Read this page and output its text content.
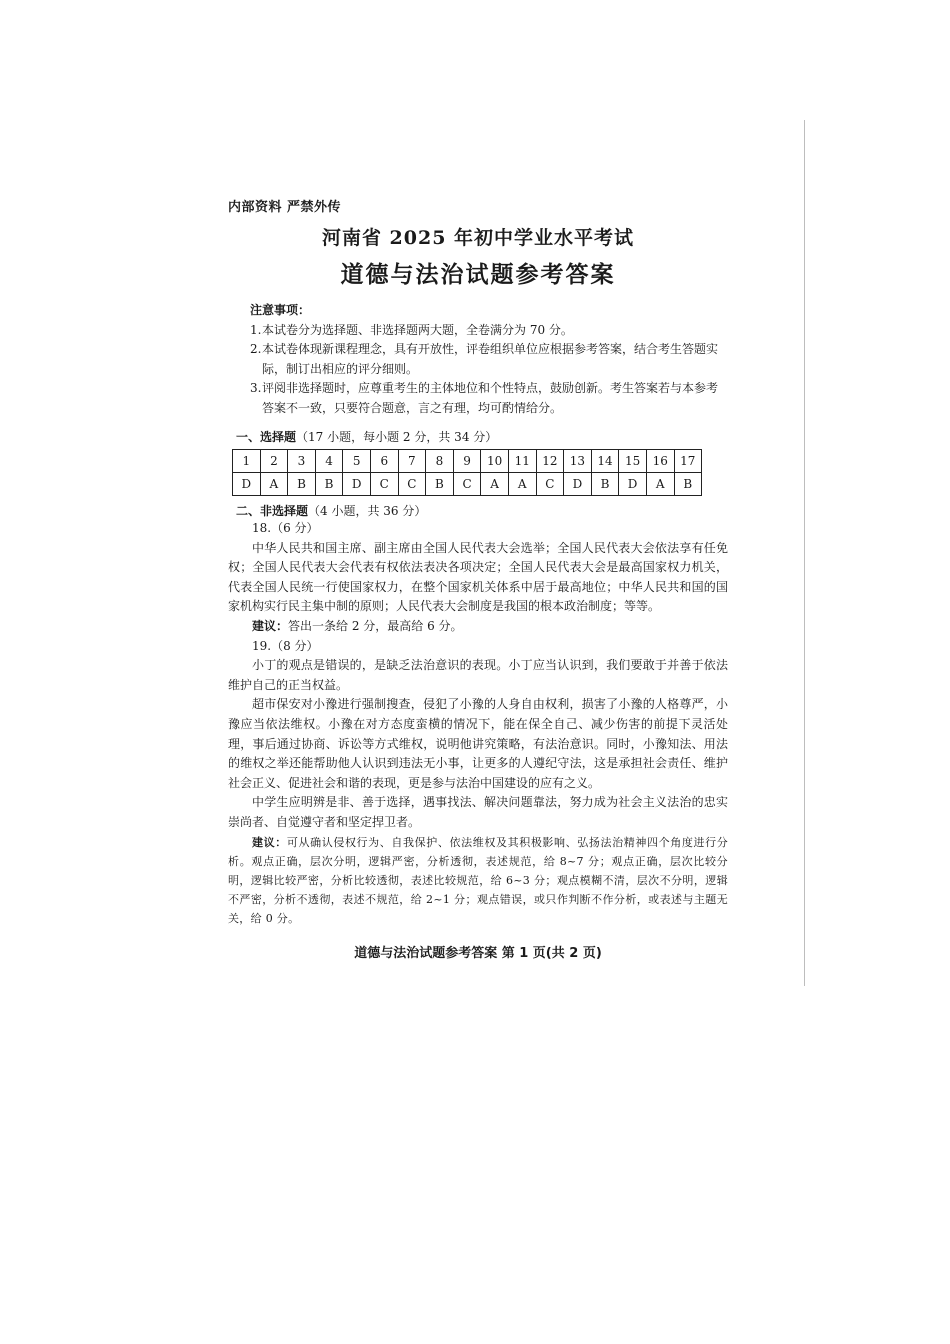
内部资料 严禁外传
河南省 2025 年初中学业水平考试
道德与法治试题参考答案
注意事项：
1. 本试卷分为选择题、非选择题两大题，全卷满分为 70 分。
2. 本试卷体现新课程理念，具有开放性，评卷组织单位应根据参考答案，结合考生答题实际，制订出相应的评分细则。
3. 评阅非选择题时，应尊重考生的主体地位和个性特点，鼓励创新。考生答案若与本参考答案不一致，只要符合题意，言之有理，均可酌情给分。
一、选择题（17 小题，每小题 2 分，共 34 分）
1	2	3	4	5	6	7	8	9	10	11	12	13	14	15	16	17
D	A	B	B	D	C	C	B	C	A	A	C	D	B	D	A	B
二、非选择题（4 小题，共 36 分）
18.（6 分）
中华人民共和国主席、副主席由全国人民代表大会选举；全国人民代表大会依法享有任免权；全国人民代表大会代表有权依法表决各项决定；全国人民代表大会是最高国家权力机关，代表全国人民统一行使国家权力，在整个国家机关体系中居于最高地位；中华人民共和国的国家机构实行民主集中制的原则；人民代表大会制度是我国的根本政治制度；等等。
建议：答出一条给 2 分，最高给 6 分。
19.（8 分）
小丁的观点是错误的，是缺乏法治意识的表现。小丁应当认识到，我们要敢于并善于依法维护自己的正当权益。
超市保安对小豫进行强制搜查，侵犯了小豫的人身自由权利，损害了小豫的人格尊严，小豫应当依法维权。小豫在对方态度蛮横的情况下，能在保全自己、减少伤害的前提下灵活处理，事后通过协商、诉讼等方式维权，说明他讲究策略，有法治意识。同时，小豫知法、用法的维权之举还能帮助他人认识到违法无小事，让更多的人遵纪守法，这是承担社会责任、维护社会正义、促进社会和谐的表现，更是参与法治中国建设的应有之义。
中学生应明辨是非、善于选择，遇事找法、解决问题靠法，努力成为社会主义法治的忠实崇尚者、自觉遵守者和坚定捍卫者。
建议：可从确认侵权行为、自我保护、依法维权及其积极影响、弘扬法治精神四个角度进行分析。观点正确，层次分明，逻辑严密，分析透彻，表述规范，给 8~7 分；观点正确，层次比较分明，逻辑比较严密，分析比较透彻，表述比较规范，给 6~3 分；观点模糊不清，层次不分明，逻辑不严密，分析不透彻，表述不规范，给 2~1 分；观点错误，或只作判断不作分析，或表述与主题无关，给 0 分。
道德与法治试题参考答案 第 1 页(共 2 页)
